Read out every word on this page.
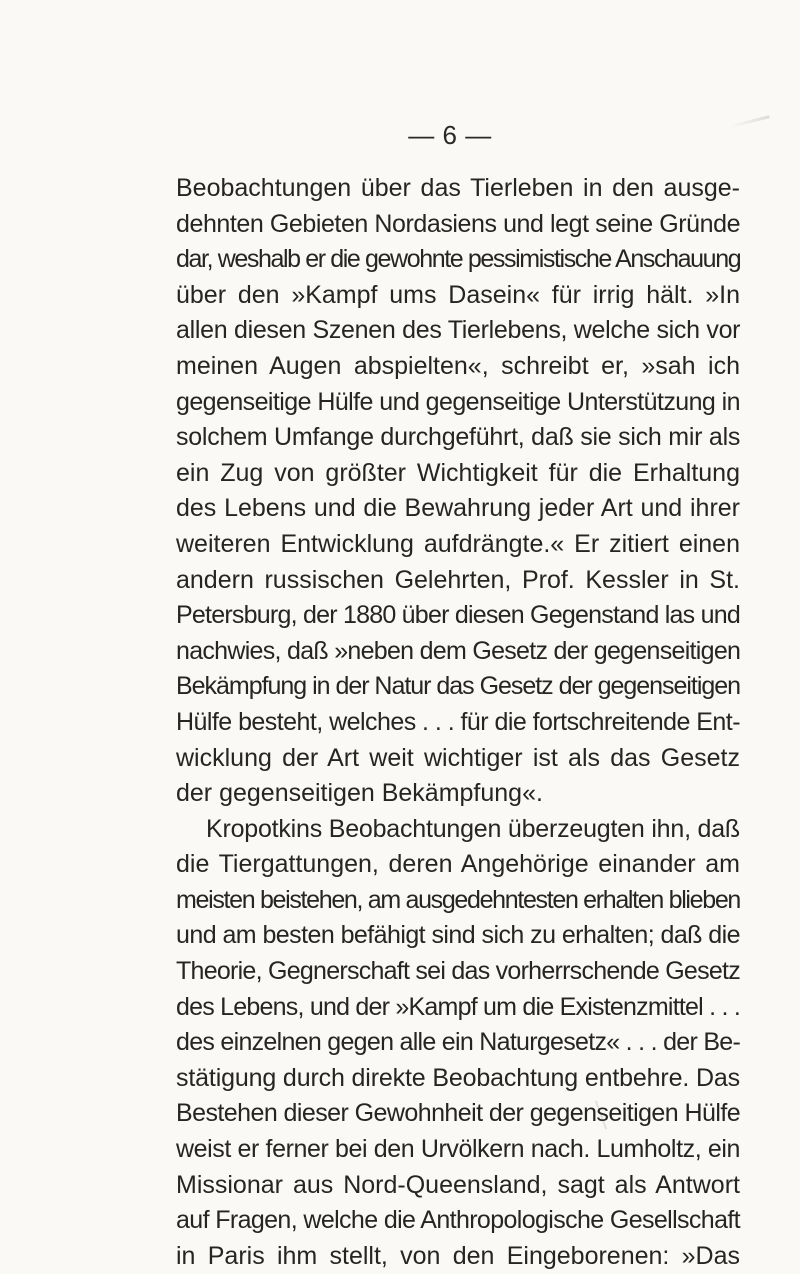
— 6 —
Beobachtungen über das Tierleben in den ausge-
dehnten Gebieten Nordasiens und legt seine Gründe
dar, weshalb er die gewohnte pessimistische Anschauung
über den »Kampf ums Dasein« für irrig hält. »In
allen diesen Szenen des Tierlebens, welche sich vor
meinen Augen abspielten«, schreibt er, »sah ich
gegenseitige Hülfe und gegenseitige Unterstützung in
solchem Umfange durchgeführt, daß sie sich mir als
ein Zug von größter Wichtigkeit für die Erhaltung
des Lebens und die Bewahrung jeder Art und ihrer
weiteren Entwicklung aufdrängte.« Er zitiert einen
andern russischen Gelehrten, Prof. Kessler in St.
Petersburg, der 1880 über diesen Gegenstand las und
nachwies, daß »neben dem Gesetz der gegenseitigen
Bekämpfung in der Natur das Gesetz der gegenseitigen
Hülfe besteht, welches . . . für die fortschreitende Ent-
wicklung der Art weit wichtiger ist als das Gesetz
der gegenseitigen Bekämpfung«.
Kropotkins Beobachtungen überzeugten ihn, daß
die Tiergattungen, deren Angehörige einander am
meisten beistehen, am ausgedehntesten erhalten blieben
und am besten befähigt sind sich zu erhalten; daß die
Theorie, Gegnerschaft sei das vorherrschende Gesetz
des Lebens, und der »Kampf um die Existenzmittel . . .
des einzelnen gegen alle ein Naturgesetz« . . . der Be-
stätigung durch direkte Beobachtung entbehre. Das
Bestehen dieser Gewohnheit der gegenseitigen Hülfe
weist er ferner bei den Urvölkern nach. Lumholtz, ein
Missionar aus Nord-Queensland, sagt als Antwort
auf Fragen, welche die Anthropologische Gesellschaft
in Paris ihm stellt, von den Eingeborenen: »Das
